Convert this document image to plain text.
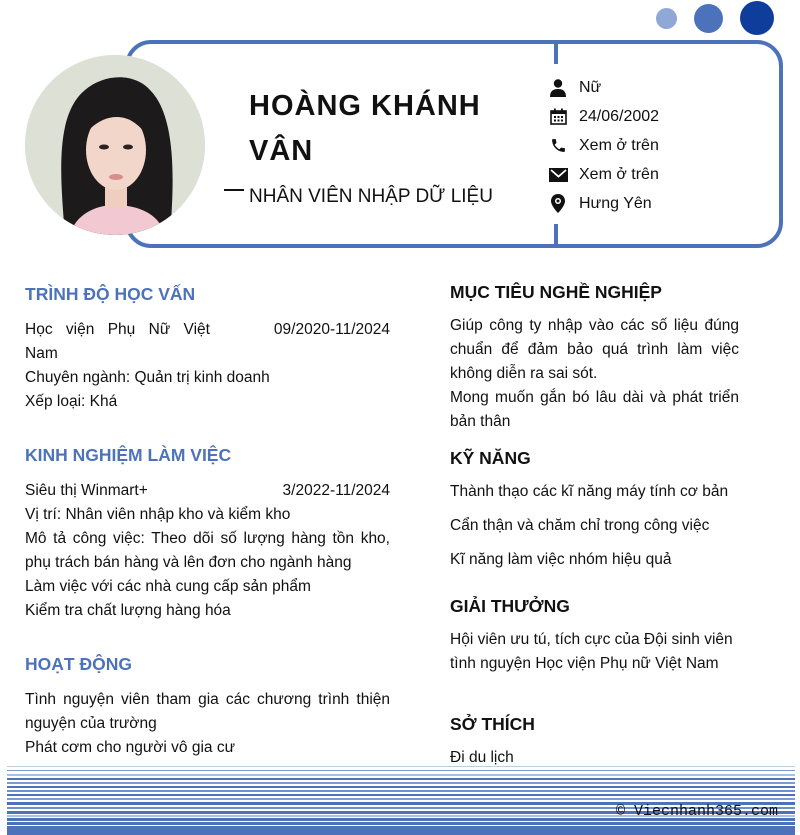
HOÀNG KHÁNH VÂN
NHÂN VIÊN NHẬP DỮ LIỆU
Nữ
24/06/2002
Xem ở trên
Xem ở trên
Hưng Yên
TRÌNH ĐỘ HỌC VẤN
Học viện Phụ Nữ Việt	09/2020-11/2024
Nam
Chuyên ngành: Quản trị kinh doanh
Xếp loại: Khá
KINH NGHIỆM LÀM VIỆC
Siêu thị Winmart+	3/2022-11/2024
Vị trí: Nhân viên nhập kho và kiểm kho
Mô tả công việc: Theo dõi số lượng hàng tồn kho, phụ trách bán hàng và lên đơn cho ngành hàng
Làm việc với các nhà cung cấp sản phẩm
Kiểm tra chất lượng hàng hóa
HOẠT ĐỘNG
Tình nguyện viên tham gia các chương trình thiện nguyện của trường
Phát cơm cho người vô gia cư
MỤC TIÊU NGHỀ NGHIỆP
Giúp công ty nhập vào các số liệu đúng chuẩn để đảm bảo quá trình làm việc không diễn ra sai sót.
Mong muốn gắn bó lâu dài và phát triển bản thân
KỸ NĂNG
Thành thạo các kĩ năng máy tính cơ bản
Cẩn thận và chăm chỉ trong công việc
Kĩ năng làm việc nhóm hiệu quả
GIẢI THƯỞNG
Hội viên ưu tú, tích cực của Đội sinh viên tình nguyện Học viện Phụ nữ Việt Nam
SỞ THÍCH
Đi du lịch
© Viecnhanh365.com
